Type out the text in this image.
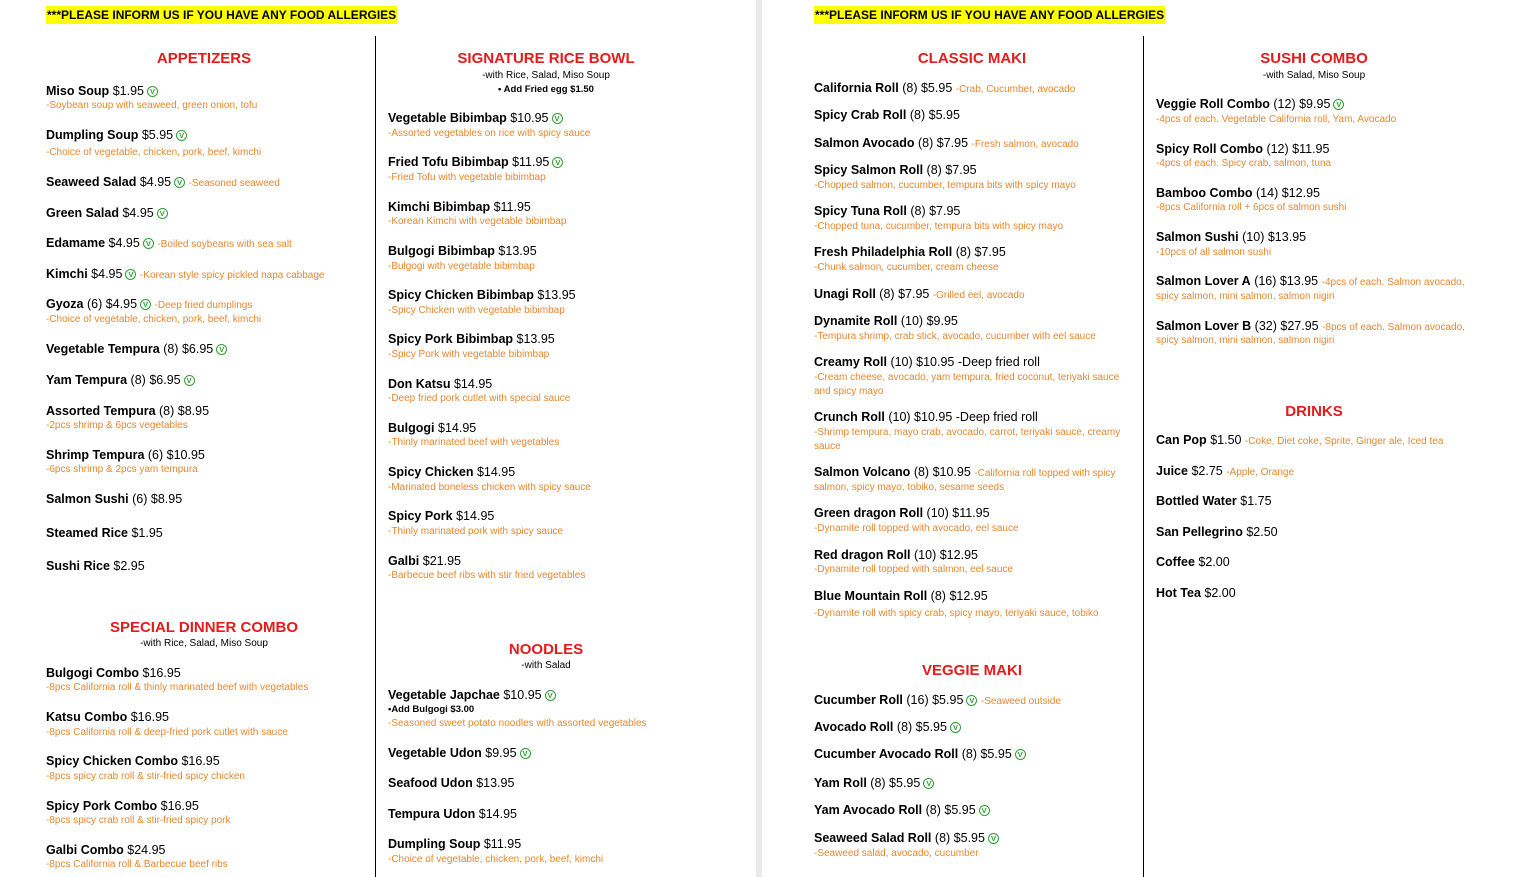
***PLEASE INFORM US IF YOU HAVE ANY FOOD ALLERGIES
APPETIZERS
Miso Soup $1.95 V
-Soybean soup with seaweed, green onion, tofu
Dumpling Soup $5.95 V
-Choice of vegetable, chicken, pork, beef, kimchi
Seaweed Salad $4.95 V -Seasoned seaweed
Green Salad $4.95 V
Edamame $4.95 V -Boiled soybeans with sea salt
Kimchi $4.95 V -Korean style spicy pickled napa cabbage
Gyoza (6) $4.95 V -Deep fried dumplings
-Choice of vegetable, chicken, pork, beef, kimchi
Vegetable Tempura (8) $6.95 V
Yam Tempura (8) $6.95 V
Assorted Tempura (8) $8.95
-2pcs shrimp & 6pcs vegetables
Shrimp Tempura (6) $10.95
-6pcs shrimp & 2pcs yam tempura
Salmon Sushi (6) $8.95
Steamed Rice $1.95
Sushi Rice $2.95
SPECIAL DINNER COMBO
-with Rice, Salad, Miso Soup
Bulgogi Combo $16.95
-8pcs California roll & thinly marinated beef with vegetables
Katsu Combo $16.95
-8pcs California roll & deep-fried pork cutlet with sauce
Spicy Chicken Combo $16.95
-8pcs spicy crab roll & stir-fried spicy chicken
Spicy Pork Combo $16.95
-8pcs spicy crab roll & stir-fried spicy pork
Galbi Combo $24.95
-8pcs California roll & Barbecue beef ribs
SIGNATURE RICE BOWL
-with Rice, Salad, Miso Soup
• Add Fried egg $1.50
Vegetable Bibimbap $10.95 V
-Assorted vegetables on rice with spicy sauce
Fried Tofu Bibimbap $11.95 V
-Fried Tofu with vegetable bibimbap
Kimchi Bibimbap $11.95
-Korean Kimchi with vegetable bibimbap
Bulgogi Bibimbap $13.95
-Bulgogi with vegetable bibimbap
Spicy Chicken Bibimbap $13.95
-Spicy Chicken with vegetable bibimbap
Spicy Pork Bibimbap $13.95
-Spicy Pork with vegetable bibimbap
Don Katsu $14.95
-Deep fried pork cutlet with special sauce
Bulgogi $14.95
-Thinly marinated beef with vegetables
Spicy Chicken $14.95
-Marinated boneless chicken with spicy sauce
Spicy Pork $14.95
-Thinly marinated pork with spicy sauce
Galbi $21.95
-Barbecue beef ribs with stir fried vegetables
NOODLES
-with Salad
Vegetable Japchae $10.95 V
•Add Bulgogi $3.00
-Seasoned sweet potato noodles with assorted vegetables
Vegetable Udon $9.95 V
Seafood Udon $13.95
Tempura Udon $14.95
Dumpling Soup $11.95
-Choice of vegetable, chicken, pork, beef, kimchi
***PLEASE INFORM US IF YOU HAVE ANY FOOD ALLERGIES
CLASSIC MAKI
California Roll (8) $5.95 -Crab, Cucumber, avocado
Spicy Crab Roll (8) $5.95
Salmon Avocado (8) $7.95 -Fresh salmon, avocado
Spicy Salmon Roll (8) $7.95
-Chopped salmon, cucumber, tempura bits with spicy mayo
Spicy Tuna Roll (8) $7.95
-Chopped tuna, cucumber, tempura bits with spicy mayo
Fresh Philadelphia Roll (8) $7.95
-Chunk salmon, cucumber, cream cheese
Unagi Roll (8) $7.95 -Grilled eel, avocado
Dynamite Roll (10) $9.95
-Tempura shrimp, crab stick, avocado, cucumber with eel sauce
Creamy Roll (10) $10.95 -Deep fried roll
-Cream cheese, avocado, yam tempura, fried coconut, teriyaki sauce and spicy mayo
Crunch Roll (10) $10.95 -Deep fried roll
-Shrimp tempura, mayo crab, avocado, carrot, teriyaki sauce, creamy sauce
Salmon Volcano (8) $10.95 -California roll topped with spicy
salmon, spicy mayo, tobiko, sesame seeds
Green dragon Roll (10) $11.95
-Dynamite roll topped with avocado, eel sauce
Red dragon Roll (10) $12.95
-Dynamite roll topped with salmon, eel sauce
Blue Mountain Roll (8) $12.95
-Dynamite roll with spicy crab, spicy mayo, teriyaki sauce, tobiko
VEGGIE MAKI
Cucumber Roll (16) $5.95 V -Seaweed outside
Avocado Roll (8) $5.95 V
Cucumber Avocado Roll (8) $5.95 V
Yam Roll (8) $5.95 V
Yam Avocado Roll (8) $5.95 V
Seaweed Salad Roll (8) $5.95 V
-Seaweed salad, avocado, cucumber
SUSHI COMBO
-with Salad, Miso Soup
Veggie Roll Combo (12) $9.95 V
-4pcs of each. Vegetable California roll, Yam, Avocado
Spicy Roll Combo (12) $11.95
-4pcs of each. Spicy crab, salmon, tuna
Bamboo Combo (14) $12.95
-8pcs California roll + 6pcs of salmon sushi
Salmon Sushi (10) $13.95
-10pcs of all salmon sushi
Salmon Lover A (16) $13.95 -4pcs of each. Salmon avocado,
spicy salmon, mini salmon, salmon nigiri
Salmon Lover B (32) $27.95 -8pcs of each. Salmon avocado,
spicy salmon, mini salmon, salmon nigiri
DRINKS
Can Pop $1.50 -Coke, Diet coke, Sprite, Ginger ale, Iced tea
Juice $2.75 -Apple, Orange
Bottled Water $1.75
San Pellegrino $2.50
Coffee $2.00
Hot Tea $2.00
